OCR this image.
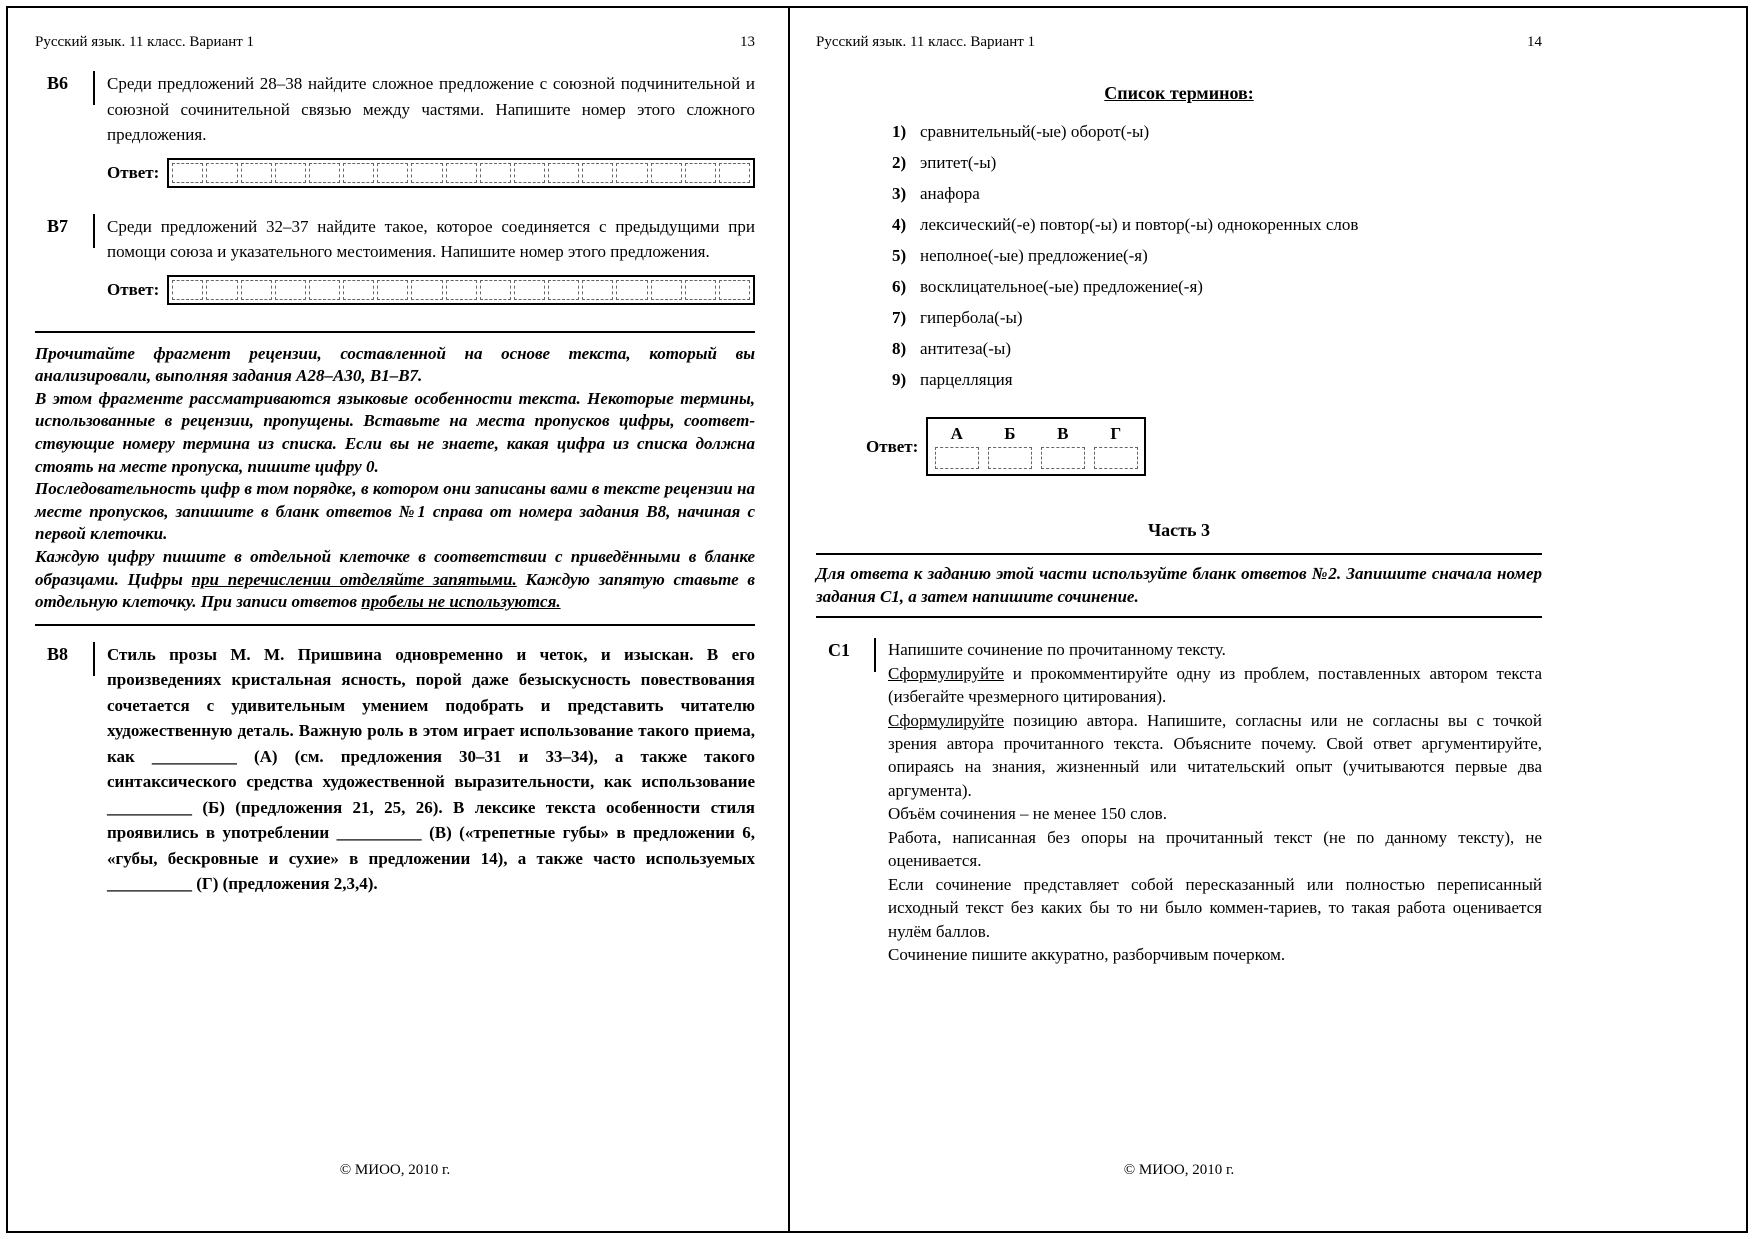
Русский язык. 11 класс. Вариант 1	13
В6	Среди предложений 28–38 найдите сложное предложение с союзной подчинительной и союзной сочинительной связью между частями. Напишите номер этого сложного предложения.

Ответ:
В7	Среди предложений 32–37 найдите такое, которое соединяется с предыдущими при помощи союза и указательного местоимения. Напишите номер этого предложения.

Ответ:

Прочитайте фрагмент рецензии, составленной на основе текста, который вы анализировали, выполняя задания А28–А30, В1–В7.

В этом фрагменте рассматриваются языковые особенности текста. Некоторые термины, использованные в рецензии, пропущены. Вставьте на места пропусков цифры, соответ-ствующие номеру термина из списка. Если вы не знаете, какая цифра из списка должна стоять на месте пропуска, пишите цифру 0.

Последовательность цифр в том порядке, в котором они записаны вами в тексте рецензии на месте пропусков, запишите в бланк ответов №1 справа от номера задания В8, начиная с первой клеточки.

Каждую цифру пишите в отдельной клеточке в соответствии с приведёнными в бланке образцами. Цифры при перечислении отделяйте запятыми. Каждую запятую ставьте в отдельную клеточку. При записи ответов пробелы не используются.

В8	Стиль прозы М. М. Пришвина одновременно и четок, и изыскан. В его произведениях кристальная ясность, порой даже безыскусность повествования сочетается с удивительным умением подобрать и представить читателю художественную деталь. Важную роль в этом играет использование такого приема, как __________ (А) (см. предложения 30–31 и 33–34), а также такого синтаксического средства художественной выразительности, как использование __________ (Б) (предложения 21, 25, 26). В лексике текста особенности стиля проявились в употреблении __________ (В) («трепетные губы» в предложении 6, «губы, бескровные и сухие» в предложении 14), а также часто используемых __________ (Г) (предложения 2,3,4).

© МИОО, 2010 г.
Русский язык. 11 класс. Вариант 1	14
Список терминов:
1) сравнительный(-ые) оборот(-ы)
2) эпитет(-ы)
3) анафора
4) лексический(-е) повтор(-ы) и повтор(-ы) однокоренных слов
5) неполное(-ые) предложение(-я)
6) восклицательное(-ые) предложение(-я)
7) гипербола(-ы)
8) антитеза(-ы)
9) парцелляция
Ответ:
А Б В Г
Часть 3

Для ответа к заданию этой части используйте бланк ответов №2. Запишите сначала номер задания С1, а затем напишите сочинение.

С1	Напишите сочинение по прочитанному тексту.

Сформулируйте и прокомментируйте одну из проблем, поставленных автором текста (избегайте чрезмерного цитирования).

Сформулируйте позицию автора. Напишите, согласны или не согласны вы с точкой зрения автора прочитанного текста. Объясните почему. Свой ответ аргументируйте, опираясь на знания, жизненный или читательский опыт (учитываются первые два аргумента).

Объём сочинения – не менее 150 слов.

Работа, написанная без опоры на прочитанный текст (не по данному тексту), не оценивается.

Если сочинение представляет собой пересказанный или полностью переписанный исходный текст без каких бы то ни было коммен-тариев, то такая работа оценивается нулём баллов.

Сочинение пишите аккуратно, разборчивым почерком.

© МИОО, 2010 г.
